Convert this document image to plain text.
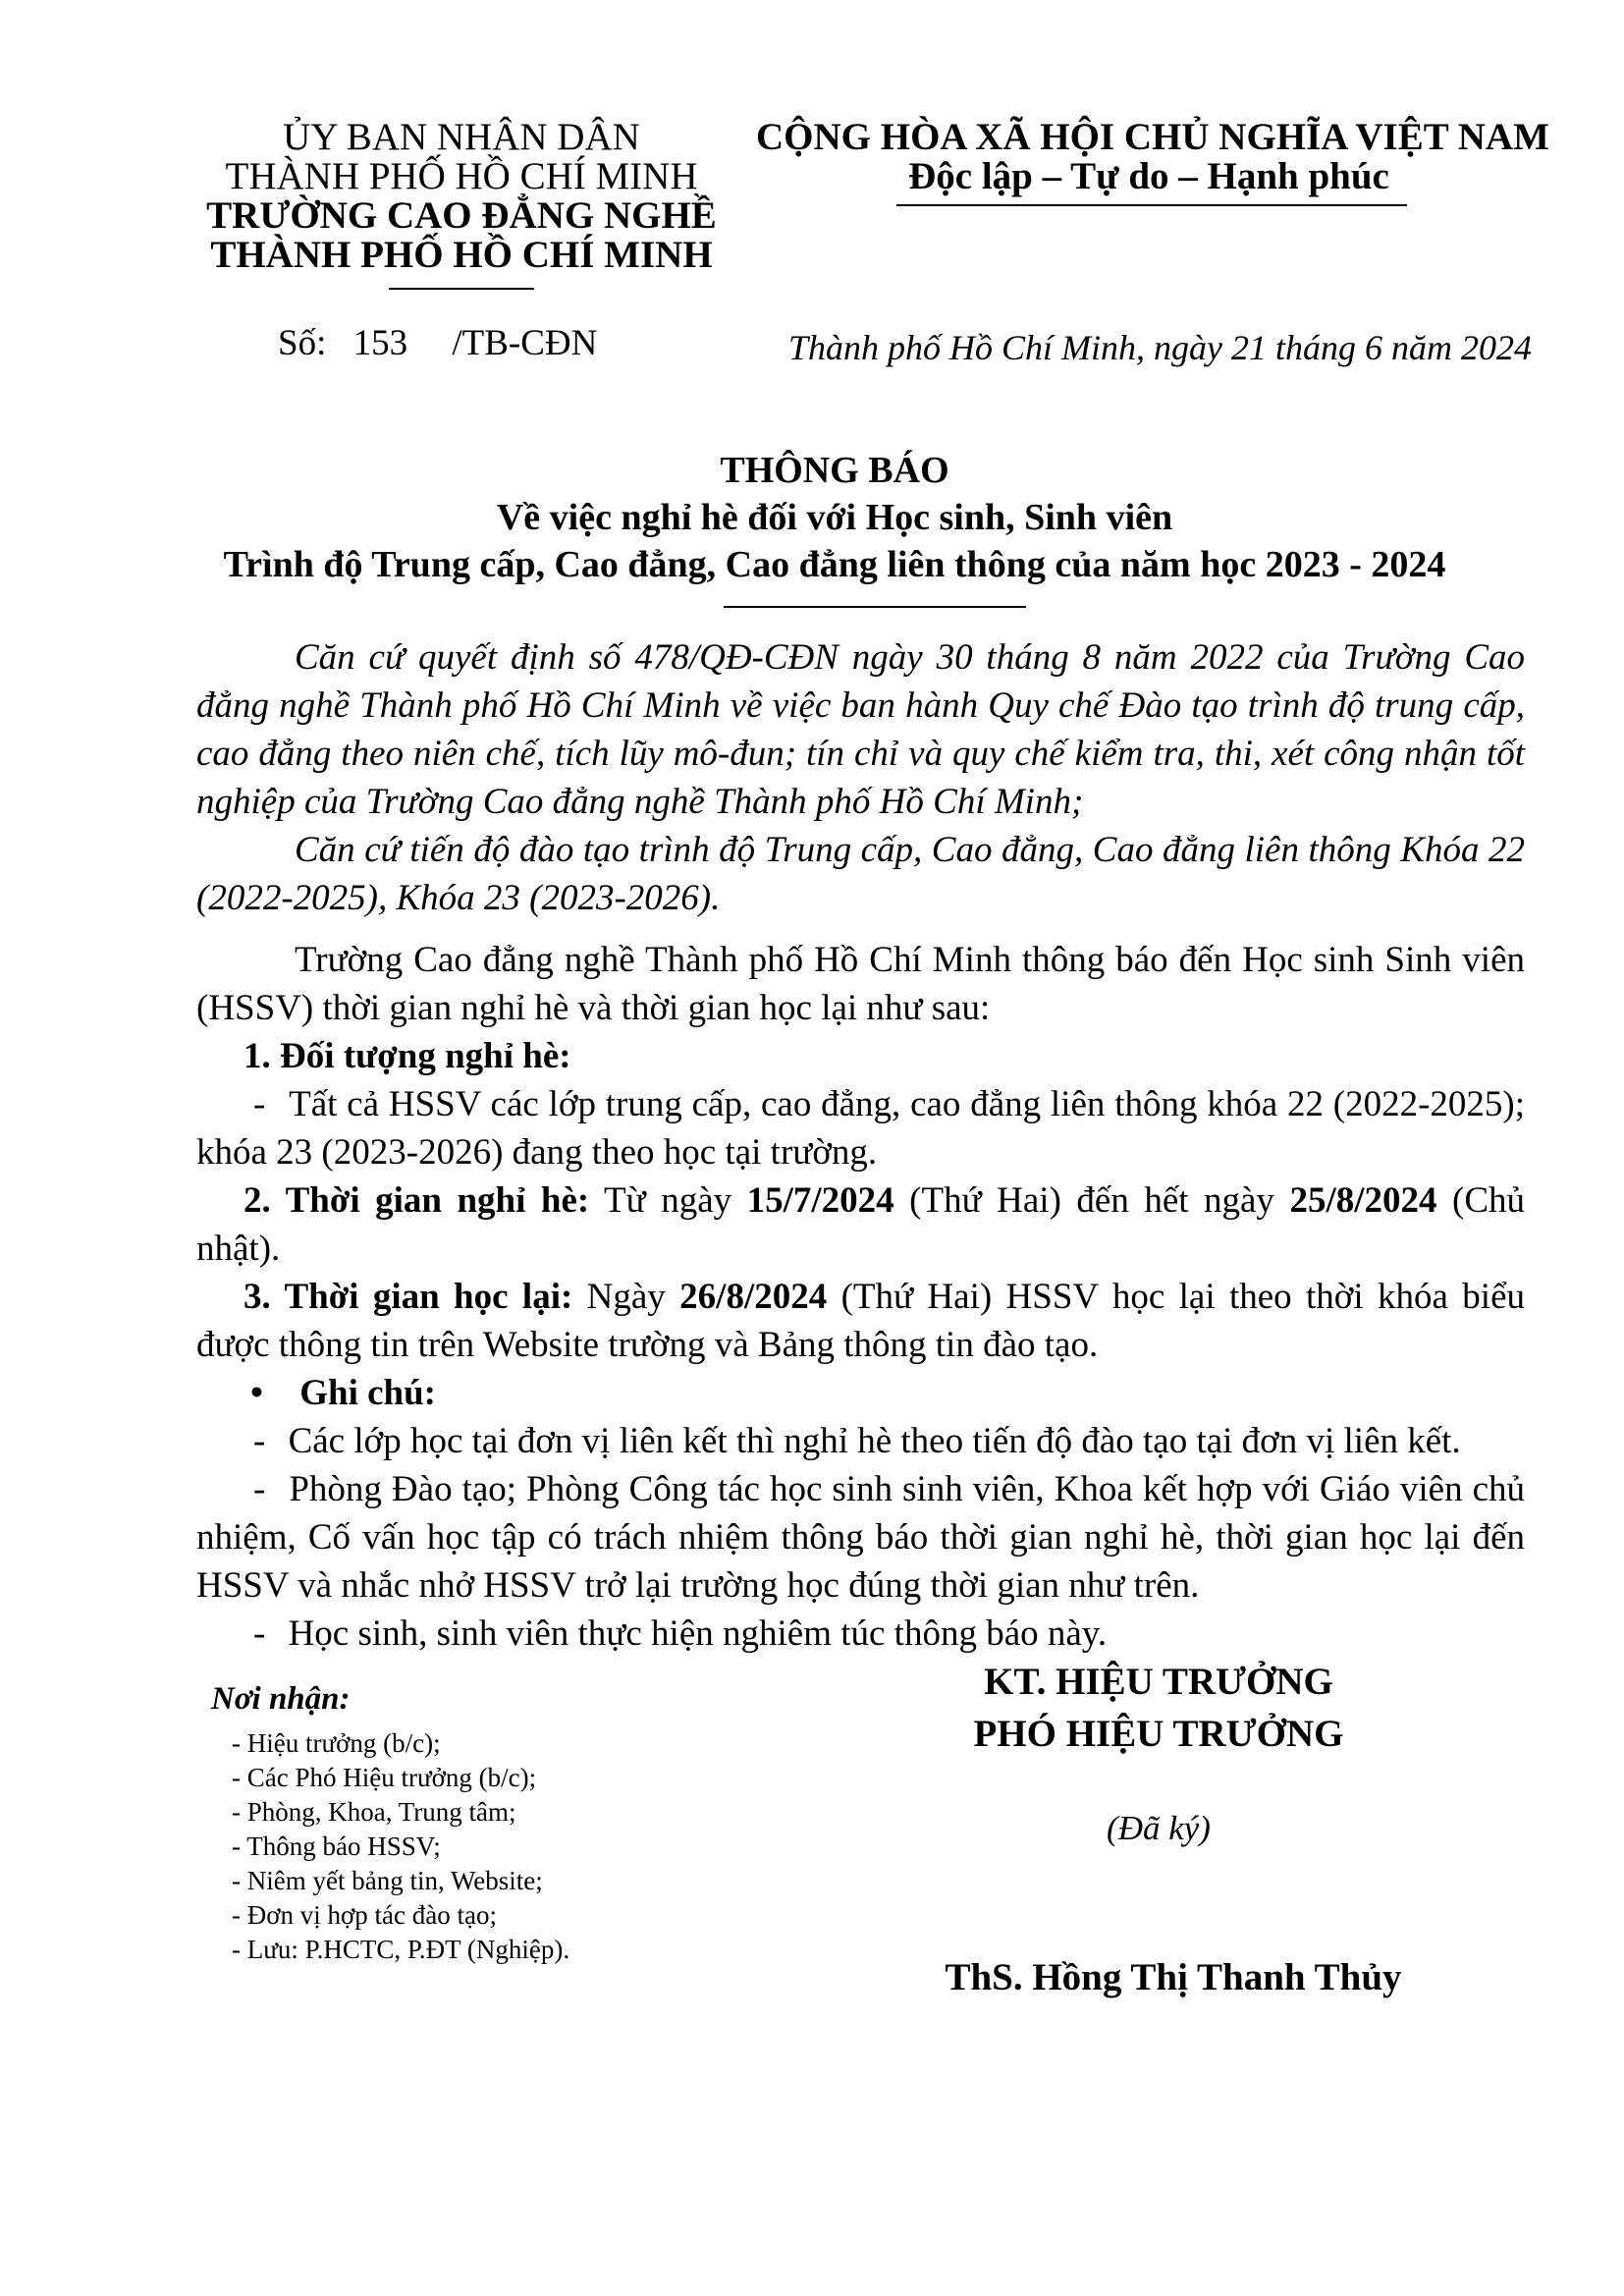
ỦY BAN NHÂN DÂN
THÀNH PHỐ HỒ CHÍ MINH
TRƯỜNG CAO ĐẲNG NGHỀ
THÀNH PHỐ HỒ CHÍ MINH
Số: 153 /TB-CĐN
CỘNG HÒA XÃ HỘI CHỦ NGHĨA VIỆT NAM
Độc lập – Tự do – Hạnh phúc
Thành phố Hồ Chí Minh, ngày 21 tháng 6 năm 2024
THÔNG BÁO
Về việc nghỉ hè đối với Học sinh, Sinh viên
Trình độ Trung cấp, Cao đẳng, Cao đẳng liên thông của năm học 2023 - 2024
Căn cứ quyết định số 478/QĐ-CĐN ngày 30 tháng 8 năm 2022 của Trường Cao đẳng nghề Thành phố Hồ Chí Minh về việc ban hành Quy chế Đào tạo trình độ trung cấp, cao đẳng theo niên chế, tích lũy mô-đun; tín chỉ và quy chế kiểm tra, thi, xét công nhận tốt nghiệp của Trường Cao đẳng nghề Thành phố Hồ Chí Minh;
Căn cứ tiến độ đào tạo trình độ Trung cấp, Cao đẳng, Cao đẳng liên thông Khóa 22 (2022-2025), Khóa 23 (2023-2026).
Trường Cao đẳng nghề Thành phố Hồ Chí Minh thông báo đến Học sinh Sinh viên (HSSV) thời gian nghỉ hè và thời gian học lại như sau:
1. Đối tượng nghỉ hè:
- Tất cả HSSV các lớp trung cấp, cao đẳng, cao đẳng liên thông khóa 22 (2022-2025); khóa 23 (2023-2026) đang theo học tại trường.
2. Thời gian nghỉ hè: Từ ngày 15/7/2024 (Thứ Hai) đến hết ngày 25/8/2024 (Chủ nhật).
3. Thời gian học lại: Ngày 26/8/2024 (Thứ Hai) HSSV học lại theo thời khóa biểu được thông tin trên Website trường và Bảng thông tin đào tạo.
• Ghi chú:
- Các lớp học tại đơn vị liên kết thì nghỉ hè theo tiến độ đào tạo tại đơn vị liên kết.
- Phòng Đào tạo; Phòng Công tác học sinh sinh viên, Khoa kết hợp với Giáo viên chủ nhiệm, Cố vấn học tập có trách nhiệm thông báo thời gian nghỉ hè, thời gian học lại đến HSSV và nhắc nhở HSSV trở lại trường học đúng thời gian như trên.
- Học sinh, sinh viên thực hiện nghiêm túc thông báo này.
Nơi nhận:
- Hiệu trưởng (b/c);
- Các Phó Hiệu trưởng (b/c);
- Phòng, Khoa, Trung tâm;
- Thông báo HSSV;
- Niêm yết bảng tin, Website;
- Đơn vị hợp tác đào tạo;
- Lưu: P.HCTC, P.ĐT (Nghiệp).
KT. HIỆU TRƯỞNG
PHÓ HIỆU TRƯỞNG
(Đã ký)
ThS. Hồng Thị Thanh Thủy
